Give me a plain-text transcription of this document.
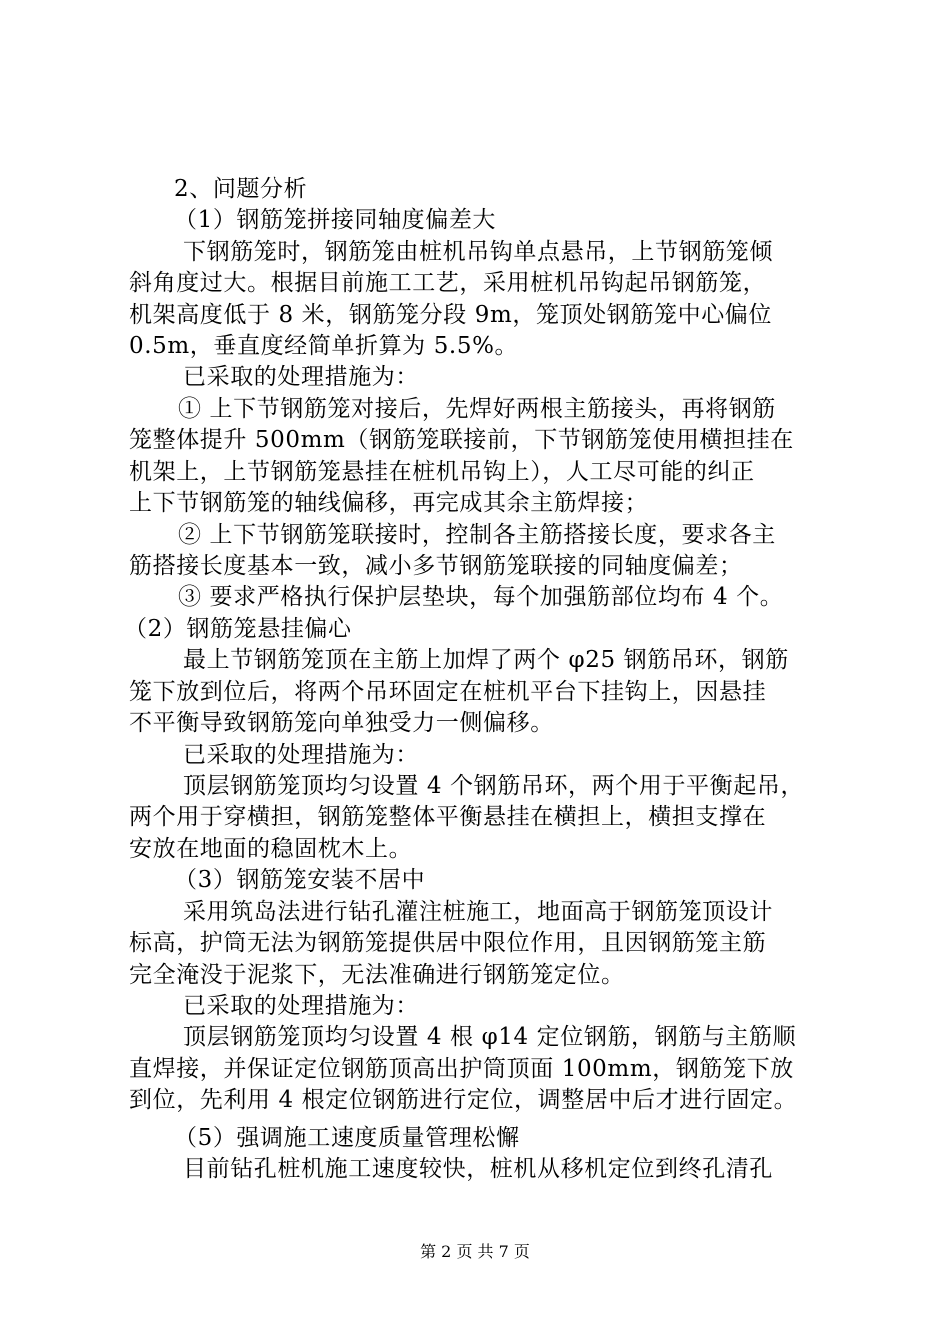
2、问题分析
（1）钢筋笼拼接同轴度偏差大
下钢筋笼时，钢筋笼由桩机吊钩单点悬吊，上节钢筋笼倾
斜角度过大。根据目前施工工艺，采用桩机吊钩起吊钢筋笼，
机架高度低于 8 米，钢筋笼分段 9m，笼顶处钢筋笼中心偏位
0.5m，垂直度经简单折算为 5.5%。
已采取的处理措施为：
① 上下节钢筋笼对接后，先焊好两根主筋接头，再将钢筋
笼整体提升 500mm（钢筋笼联接前，下节钢筋笼使用横担挂在
机架上，上节钢筋笼悬挂在桩机吊钩上），人工尽可能的纠正
上下节钢筋笼的轴线偏移，再完成其余主筋焊接；
② 上下节钢筋笼联接时，控制各主筋搭接长度，要求各主
筋搭接长度基本一致，减小多节钢筋笼联接的同轴度偏差；
③ 要求严格执行保护层垫块，每个加强筋部位均布 4 个。
（2）钢筋笼悬挂偏心
最上节钢筋笼顶在主筋上加焊了两个 φ25 钢筋吊环，钢筋
笼下放到位后，将两个吊环固定在桩机平台下挂钩上，因悬挂
不平衡导致钢筋笼向单独受力一侧偏移。
已采取的处理措施为：
顶层钢筋笼顶均匀设置 4 个钢筋吊环，两个用于平衡起吊，
两个用于穿横担，钢筋笼整体平衡悬挂在横担上，横担支撑在
安放在地面的稳固枕木上。
（3）钢筋笼安装不居中
采用筑岛法进行钻孔灌注桩施工，地面高于钢筋笼顶设计
标高，护筒无法为钢筋笼提供居中限位作用，且因钢筋笼主筋
完全淹没于泥浆下，无法准确进行钢筋笼定位。
已采取的处理措施为：
顶层钢筋笼顶均匀设置 4 根 φ14 定位钢筋，钢筋与主筋顺
直焊接，并保证定位钢筋顶高出护筒顶面 100mm，钢筋笼下放
到位，先利用 4 根定位钢筋进行定位，调整居中后才进行固定。
（5）强调施工速度质量管理松懈
目前钻孔桩机施工速度较快，桩机从移机定位到终孔清孔
第 2 页 共 7 页
